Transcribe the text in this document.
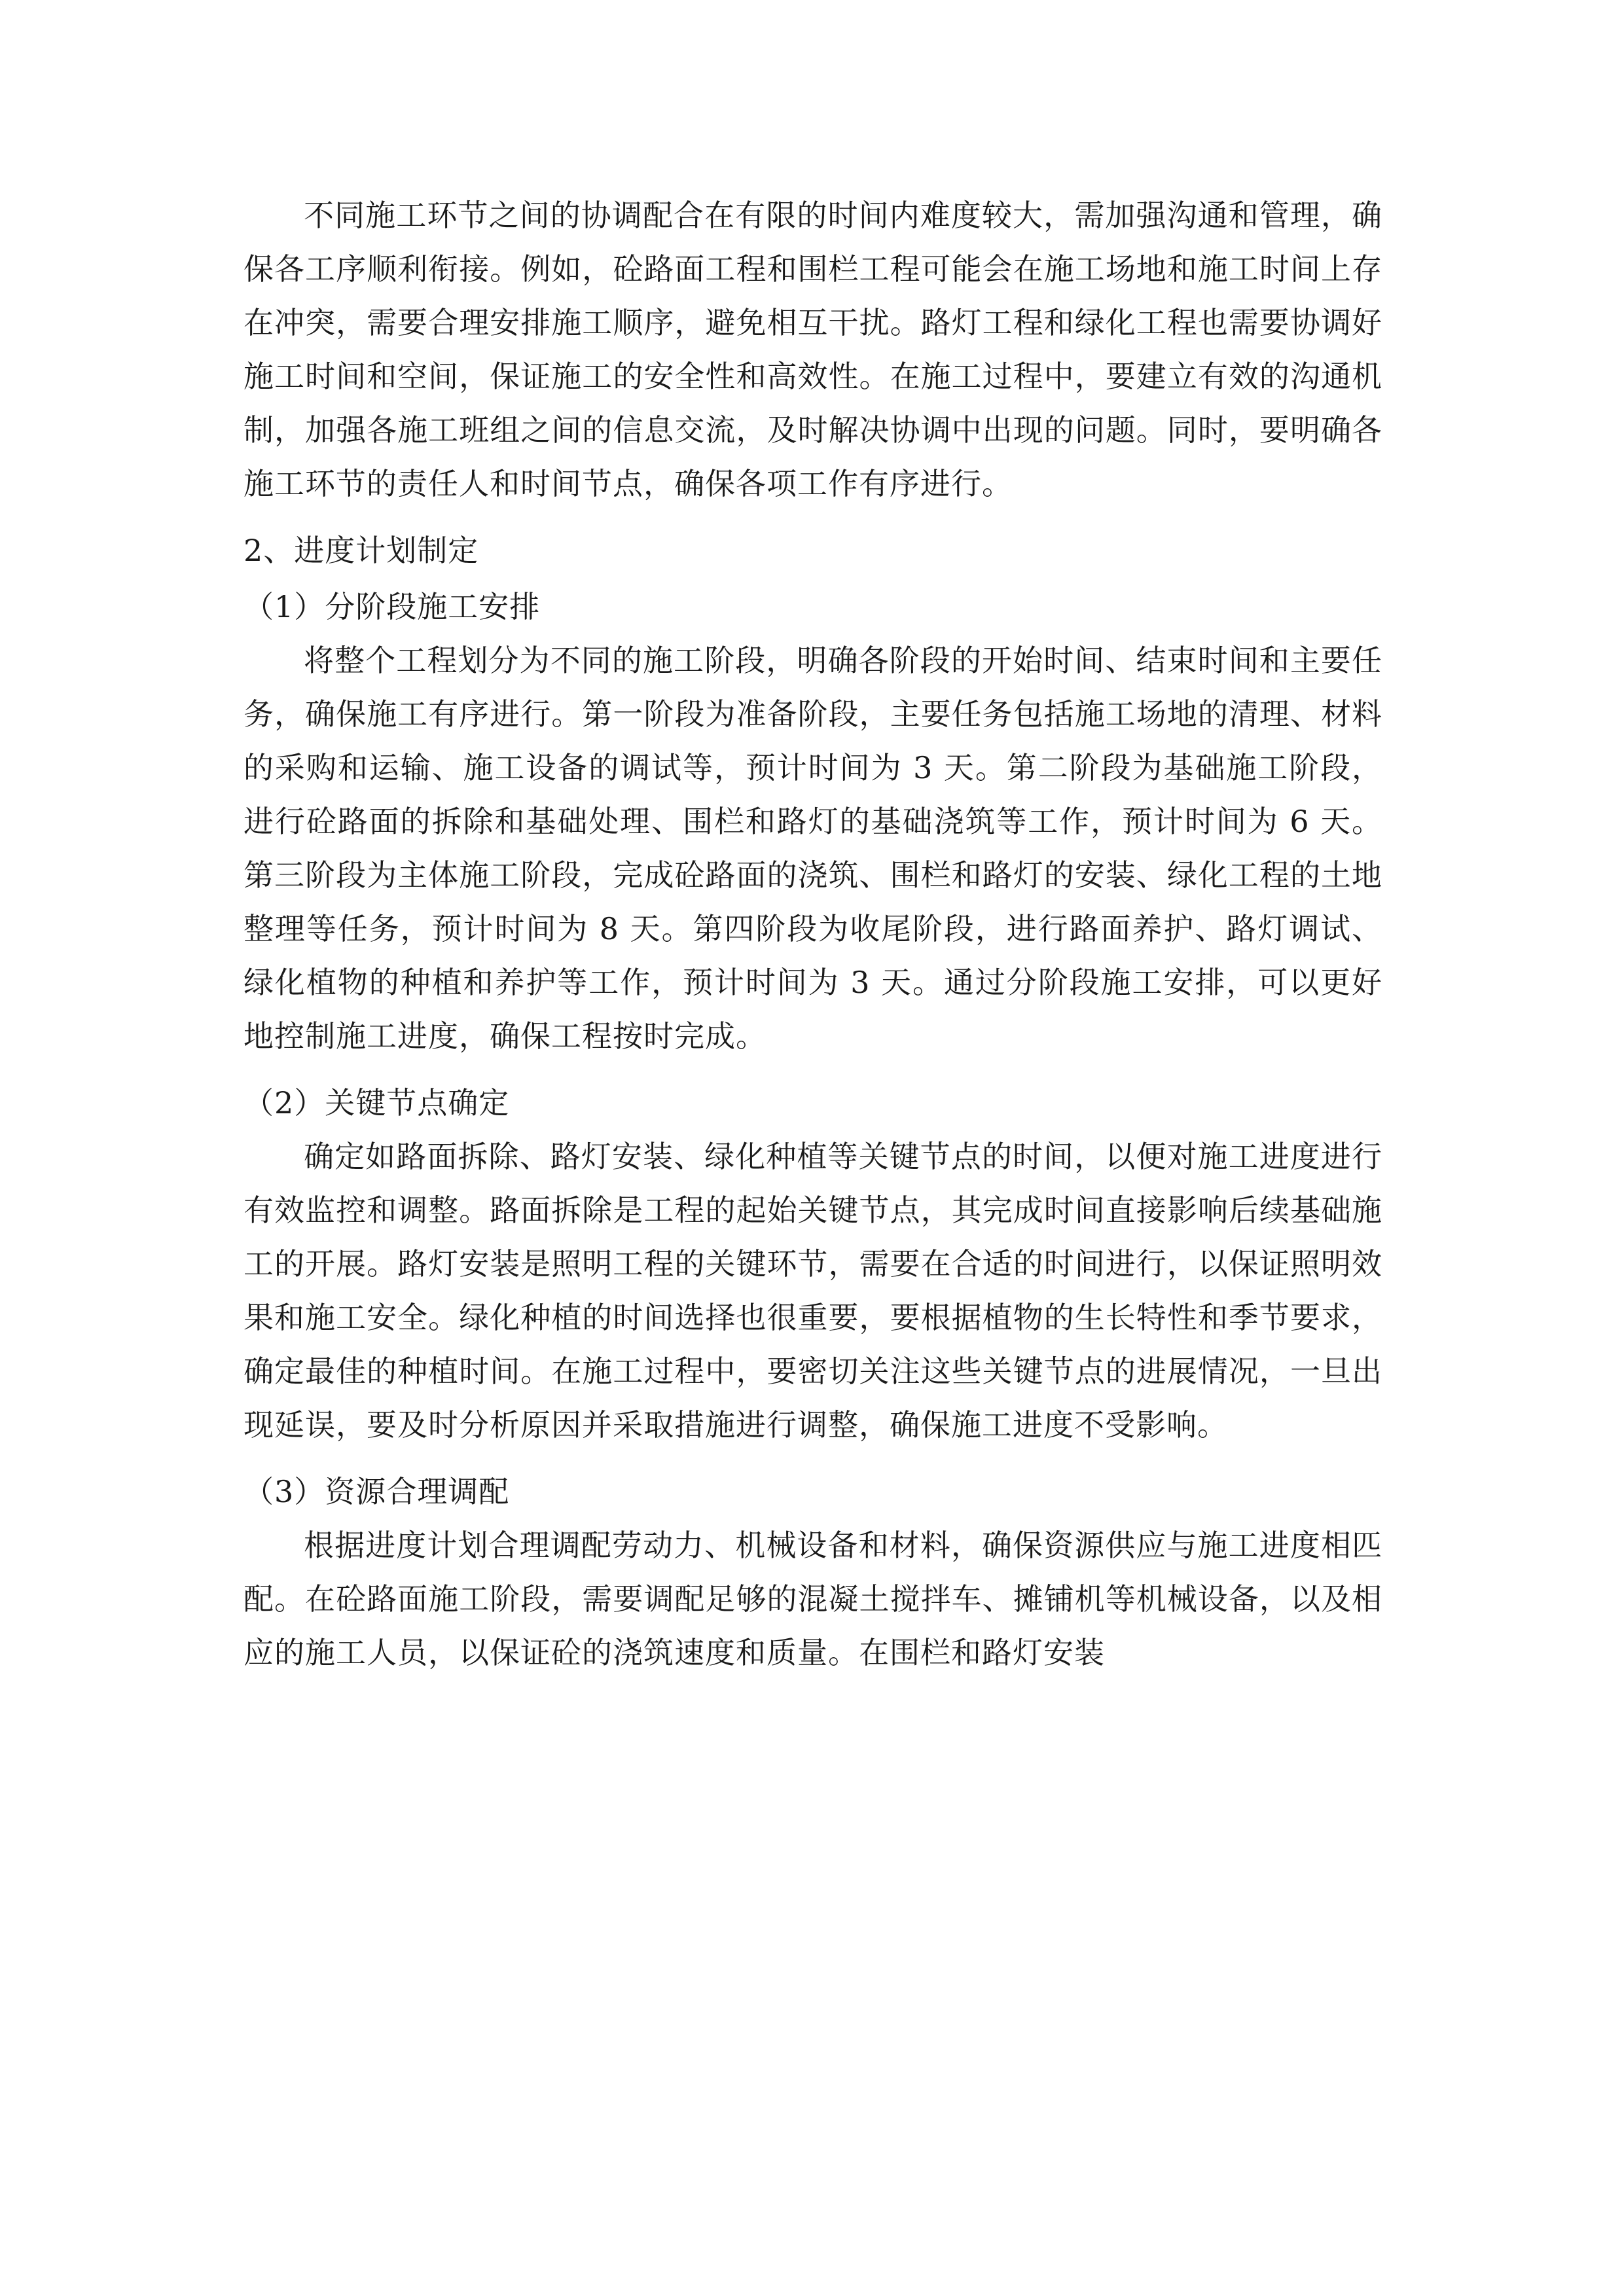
不同施工环节之间的协调配合在有限的时间内难度较大，需加强沟通和管理，确保各工序顺利衔接。例如，砼路面工程和围栏工程可能会在施工场地和施工时间上存在冲突，需要合理安排施工顺序，避免相互干扰。路灯工程和绿化工程也需要协调好施工时间和空间，保证施工的安全性和高效性。在施工过程中，要建立有效的沟通机制，加强各施工班组之间的信息交流，及时解决协调中出现的问题。同时，要明确各施工环节的责任人和时间节点，确保各项工作有序进行。

2、进度计划制定

（1）分阶段施工安排

将整个工程划分为不同的施工阶段，明确各阶段的开始时间、结束时间和主要任务，确保施工有序进行。第一阶段为准备阶段，主要任务包括施工场地的清理、材料的采购和运输、施工设备的调试等，预计时间为 3 天。第二阶段为基础施工阶段，进行砼路面的拆除和基础处理、围栏和路灯的基础浇筑等工作，预计时间为 6 天。第三阶段为主体施工阶段，完成砼路面的浇筑、围栏和路灯的安装、绿化工程的土地整理等任务，预计时间为 8 天。第四阶段为收尾阶段，进行路面养护、路灯调试、绿化植物的种植和养护等工作，预计时间为 3 天。通过分阶段施工安排，可以更好地控制施工进度，确保工程按时完成。

（2）关键节点确定

确定如路面拆除、路灯安装、绿化种植等关键节点的时间，以便对施工进度进行有效监控和调整。路面拆除是工程的起始关键节点，其完成时间直接影响后续基础施工的开展。路灯安装是照明工程的关键环节，需要在合适的时间进行，以保证照明效果和施工安全。绿化种植的时间选择也很重要，要根据植物的生长特性和季节要求，确定最佳的种植时间。在施工过程中，要密切关注这些关键节点的进展情况，一旦出现延误，要及时分析原因并采取措施进行调整，确保施工进度不受影响。

（3）资源合理调配

根据进度计划合理调配劳动力、机械设备和材料，确保资源供应与施工进度相匹配。在砼路面施工阶段，需要调配足够的混凝土搅拌车、摊铺机等机械设备，以及相应的施工人员，以保证砼的浇筑速度和质量。在围栏和路灯安装
